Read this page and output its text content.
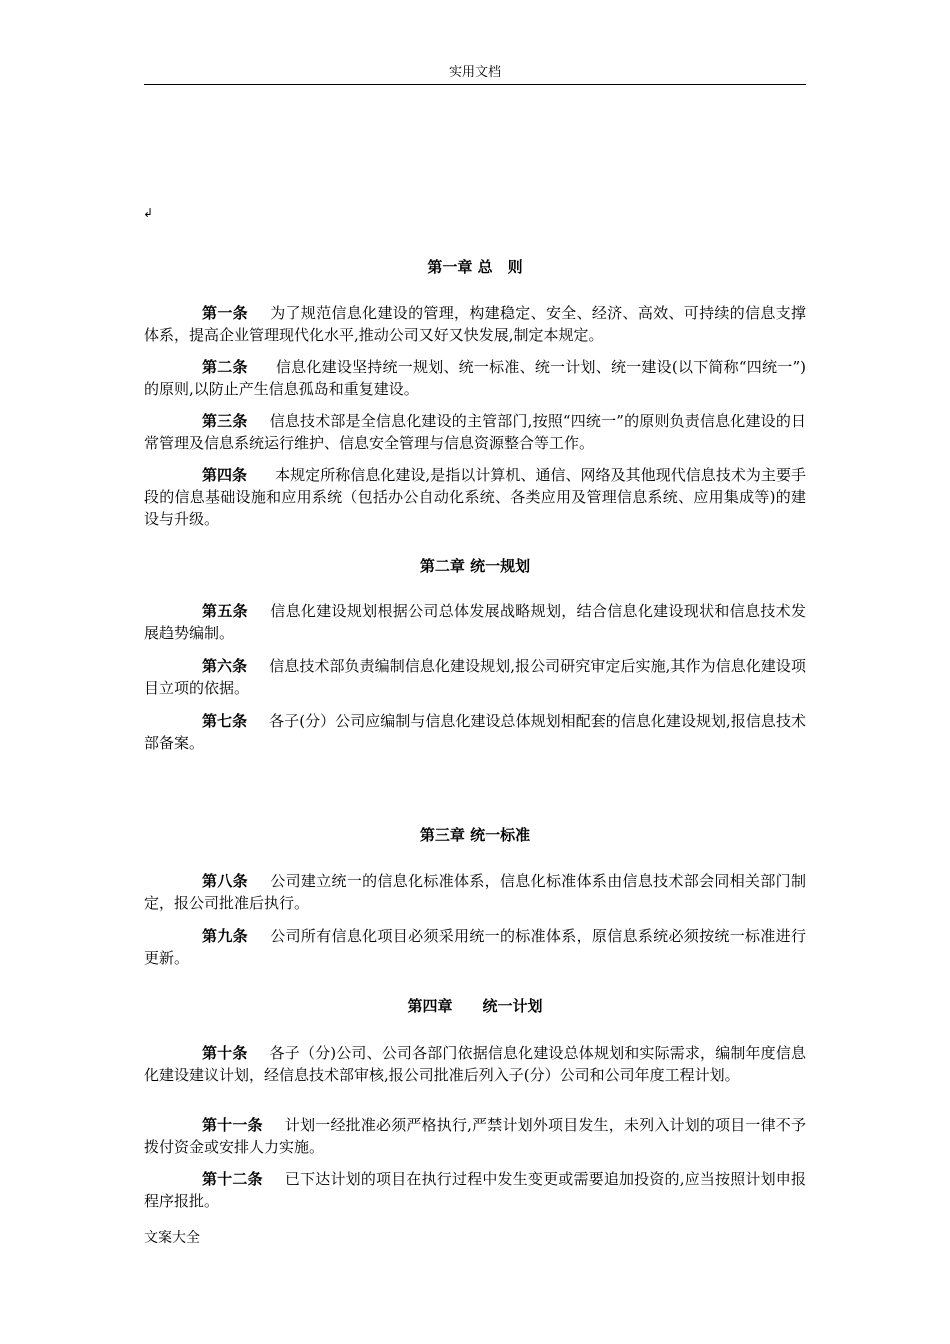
实用文档
↲
第一章 总　则
第一条 为了规范信息化建设的管理，构建稳定、安全、经济、高效、可持续的信息支撑体系，提高企业管理现代化水平,推动公司又好又快发展,制定本规定。
第二条 信息化建设坚持统一规划、统一标准、统一计划、统一建设(以下简称“四统一”)的原则,以防止产生信息孤岛和重复建设。
第三条 信息技术部是全信息化建设的主管部门,按照“四统一”的原则负责信息化建设的日常管理及信息系统运行维护、信息安全管理与信息资源整合等工作。
第四条 本规定所称信息化建设,是指以计算机、通信、网络及其他现代信息技术为主要手段的信息基础设施和应用系统（包括办公自动化系统、各类应用及管理信息系统、应用集成等)的建设与升级。
第二章 统一规划
第五条 信息化建设规划根据公司总体发展战略规划，结合信息化建设现状和信息技术发展趋势编制。
第六条 信息技术部负责编制信息化建设规划,报公司研究审定后实施,其作为信息化建设项目立项的依据。
第七条 各子(分）公司应编制与信息化建设总体规划相配套的信息化建设规划,报信息技术部备案。
第三章 统一标准
第八条 公司建立统一的信息化标准体系，信息化标准体系由信息技术部会同相关部门制定，报公司批准后执行。
第九条 公司所有信息化项目必须采用统一的标准体系，原信息系统必须按统一标准进行更新。
第四章　　统一计划
第十条 各子（分)公司、公司各部门依据信息化建设总体规划和实际需求，编制年度信息化建设建议计划，经信息技术部审核,报公司批准后列入子(分）公司和公司年度工程计划。
第十一条 计划一经批准必须严格执行,严禁计划外项目发生，未列入计划的项目一律不予拨付资金或安排人力实施。
第十二条 已下达计划的项目在执行过程中发生变更或需要追加投资的,应当按照计划申报程序报批。
文案大全
